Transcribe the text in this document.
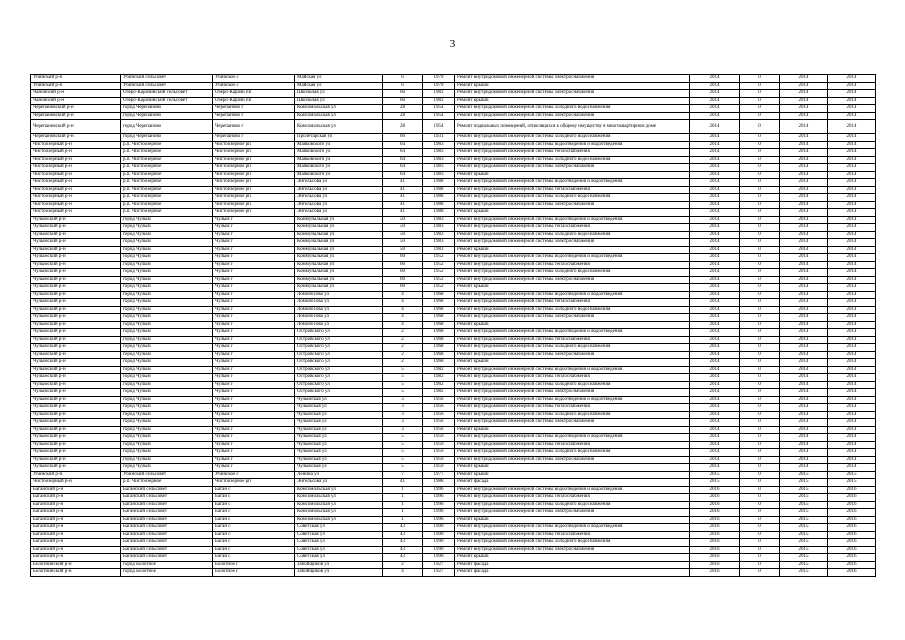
3
Убинский р-н	Убинский сельсовет	Убинское с	Майская ул	6	1979	Ремонт внутридомовой инженерной системы электроснабжения	2014	0	2014	2014
Убинский р-н	Убинский сельсовет	Убинское с	Майская ул	6	1979	Ремонт крыши	2014	0	2014	2014
Чановский р-н	Озеро-Карачинский сельсовет	Озеро-Карачи пп	Школьная ул	60	1982	Ремонт внутридомовой инженерной системы электроснабжения	2014	0	2014	2014
Чановский р-н	Озеро-Карачинский сельсовет	Озеро-Карачи пп	Школьная ул	60	1982	Ремонт крыши	2014	0	2014	2014
Черепановский р-н	город Черепаново	Черепаново г	Комсомольская ул	28	1954	Ремонт внутридомовой инженерной системы холодного водоснабжения	2014	0	2014	2014
Черепановский р-н	город Черепаново	Черепаново г	Комсомольская ул	28	1954	Ремонт внутридомовой инженерной системы электроснабжения	2014	0	2014	2014
Черепановский р-н	город Черепаново	Черепаново г	Комсомольская ул	28	1954	Ремонт подвальных помещений, относящихся к общему имуществу в многоквартирном доме	2014	0	2014	2014
Черепановский р-н	город Черепаново	Черепаново г	Пролетарская ул	66	1931	Ремонт внутридомовой инженерной системы холодного водоснабжения	2014	0	2014	2014
Чистоозерный р-н	р.п. Чистоозерное	Чистоозерное рп	Маяковского ул	64	1983	Ремонт внутридомовой инженерной системы водоотведения и водоотведения	2014	0	2014	2014
Чистоозерный р-н	р.п. Чистоозерное	Чистоозерное рп	Маяковского ул	64	1983	Ремонт внутридомовой инженерной системы теплоснабжения	2014	0	2014	2014
Чистоозерный р-н	р.п. Чистоозерное	Чистоозерное рп	Маяковского ул	64	1983	Ремонт внутридомовой инженерной системы холодного водоснабжения	2014	0	2014	2014
Чистоозерный р-н	р.п. Чистоозерное	Чистоозерное рп	Маяковского ул	64	1983	Ремонт внутридомовой инженерной системы электроснабжения	2014	0	2014	2014
Чистоозерный р-н	р.п. Чистоозерное	Чистоозерное рп	Маяковского ул	64	1983	Ремонт крыши	2014	0	2014	2014
Чистоозерный р-н	р.п. Чистоозерное	Чистоозерное рп	Энгельсова ул	41	1988	Ремонт внутридомовой инженерной системы водоотведения и водоотведения	2014	0	2014	2014
Чистоозерный р-н	р.п. Чистоозерное	Чистоозерное рп	Энгельсова ул	41	1988	Ремонт внутридомовой инженерной системы теплоснабжения	2014	0	2014	2014
Чистоозерный р-н	р.п. Чистоозерное	Чистоозерное рп	Энгельсова ул	41	1988	Ремонт внутридомовой инженерной системы холодного водоснабжения	2014	0	2014	2014
Чистоозерный р-н	р.п. Чистоозерное	Чистоозерное рп	Энгельсова ул	41	1988	Ремонт внутридомовой инженерной системы электроснабжения	2014	0	2014	2014
Чистоозерный р-н	р.п. Чистоозерное	Чистоозерное рп	Энгельсова ул	41	1988	Ремонт крыши	2014	0	2014	2014
Чулымский р-н	город Чулым	Чулым г	Коммунальная ул	50	1983	Ремонт внутридомовой инженерной системы водоотведения и водоотведения	2014	0	2014	2014
Чулымский р-н	город Чулым	Чулым г	Коммунальная ул	50	1983	Ремонт внутридомовой инженерной системы теплоснабжения	2014	0	2014	2014
Чулымский р-н	город Чулым	Чулым г	Коммунальная ул	50	1983	Ремонт внутридомовой инженерной системы холодного водоснабжения	2014	0	2014	2014
Чулымский р-н	город Чулым	Чулым г	Коммунальная ул	50	1983	Ремонт внутридомовой инженерной системы электроснабжения	2014	0	2014	2014
Чулымский р-н	город Чулым	Чулым г	Коммунальная ул	50	1983	Ремонт крыши	2014	0	2014	2014
Чулымский р-н	город Чулым	Чулым г	Коммунальная ул	60	1952	Ремонт внутридомовой инженерной системы водоотведения и водоотведения	2014	0	2014	2014
Чулымский р-н	город Чулым	Чулым г	Коммунальная ул	60	1952	Ремонт внутридомовой инженерной системы теплоснабжения	2014	0	2014	2014
Чулымский р-н	город Чулым	Чулым г	Коммунальная ул	60	1952	Ремонт внутридомовой инженерной системы холодного водоснабжения	2014	0	2014	2014
Чулымский р-н	город Чулым	Чулым г	Коммунальная ул	60	1952	Ремонт внутридомовой инженерной системы электроснабжения	2014	0	2014	2014
Чулымский р-н	город Чулым	Чулым г	Коммунальная ул	60	1952	Ремонт крыши	2014	0	2014	2014
Чулымский р-н	город Чулым	Чулым г	Ломоносова ул	4	1968	Ремонт внутридомовой инженерной системы водоотведения и водоотведения	2014	0	2014	2014
Чулымский р-н	город Чулым	Чулым г	Ломоносова ул	4	1968	Ремонт внутридомовой инженерной системы теплоснабжения	2014	0	2014	2014
Чулымский р-н	город Чулым	Чулым г	Ломоносова ул	4	1968	Ремонт внутридомовой инженерной системы холодного водоснабжения	2014	0	2014	2014
Чулымский р-н	город Чулым	Чулым г	Ломоносова ул	4	1968	Ремонт внутридомовой инженерной системы электроснабжения	2014	0	2014	2014
Чулымский р-н	город Чулым	Чулым г	Ломоносова ул	4	1968	Ремонт крыши	2014	0	2014	2014
Чулымский р-н	город Чулым	Чулым г	Островского ул	2	1968	Ремонт внутридомовой инженерной системы водоотведения и водоотведения	2014	0	2014	2014
Чулымский р-н	город Чулым	Чулым г	Островского ул	2	1968	Ремонт внутридомовой инженерной системы теплоснабжения	2014	0	2014	2014
Чулымский р-н	город Чулым	Чулым г	Островского ул	2	1968	Ремонт внутридомовой инженерной системы холодного водоснабжения	2014	0	2014	2014
Чулымский р-н	город Чулым	Чулым г	Островского ул	2	1968	Ремонт внутридомовой инженерной системы электроснабжения	2014	0	2014	2014
Чулымский р-н	город Чулым	Чулым г	Островского ул	2	1968	Ремонт крыши	2014	0	2014	2014
Чулымский р-н	город Чулым	Чулым г	Островского ул	5	1982	Ремонт внутридомовой инженерной системы водоотведения и водоотведения	2014	0	2014	2014
Чулымский р-н	город Чулым	Чулым г	Островского ул	5	1982	Ремонт внутридомовой инженерной системы теплоснабжения	2014	0	2014	2014
Чулымский р-н	город Чулым	Чулым г	Островского ул	5	1982	Ремонт внутридомовой инженерной системы холодного водоснабжения	2014	0	2014	2014
Чулымский р-н	город Чулым	Чулым г	Островского ул	5	1982	Ремонт внутридомовой инженерной системы электроснабжения	2014	0	2014	2014
Чулымский р-н	город Чулым	Чулым г	Чулымская ул	3	1956	Ремонт внутридомовой инженерной системы водоотведения и водоотведения	2014	0	2014	2014
Чулымский р-н	город Чулым	Чулым г	Чулымская ул	3	1956	Ремонт внутридомовой инженерной системы теплоснабжения	2014	0	2014	2014
Чулымский р-н	город Чулым	Чулым г	Чулымская ул	3	1956	Ремонт внутридомовой инженерной системы холодного водоснабжения	2014	0	2014	2014
Чулымский р-н	город Чулым	Чулым г	Чулымская ул	3	1956	Ремонт внутридомовой инженерной системы электроснабжения	2014	0	2014	2014
Чулымский р-н	город Чулым	Чулым г	Чулымская ул	3	1956	Ремонт крыши	2014	0	2014	2014
Чулымский р-н	город Чулым	Чулым г	Чулымская ул	5	1959	Ремонт внутридомовой инженерной системы водоотведения и водоотведения	2014	0	2014	2014
Чулымский р-н	город Чулым	Чулым г	Чулымская ул	5	1959	Ремонт внутридомовой инженерной системы теплоснабжения	2014	0	2014	2014
Чулымский р-н	город Чулым	Чулым г	Чулымская ул	5	1959	Ремонт внутридомовой инженерной системы холодного водоснабжения	2014	0	2014	2014
Чулымский р-н	город Чулым	Чулым г	Чулымская ул	5	1959	Ремонт внутридомовой инженерной системы электроснабжения	2014	0	2014	2014
Чулымский р-н	город Чулым	Чулым г	Чулымская ул	5	1959	Ремонт крыши	2014	0	2014	2014
Убинский р-н	Убинский сельсовет	Убинское с	Ленина ул	7	1977	Ремонт крыши	2015	0	2015	2015
Чистоозерный р-н	р.п. Чистоозерное	Чистоозерное рп	Энгельсова ул	41	1988	Ремонт фасада	2015	0	2015	2015
Баганский р-н	Баганский сельсовет	Баган с	Комсомольская ул	1	1996	Ремонт внутридомовой инженерной системы водоотведения и водоотведения	2016	0	2015	2016
Баганский р-н	Баганский сельсовет	Баган с	Комсомольская ул	1	1996	Ремонт внутридомовой инженерной системы теплоснабжения	2016	0	2015	2016
Баганский р-н	Баганский сельсовет	Баган с	Комсомольская ул	1	1996	Ремонт внутридомовой инженерной системы холодного водоснабжения	2016	0	2015	2016
Баганский р-н	Баганский сельсовет	Баган с	Комсомольская ул	1	1996	Ремонт внутридомовой инженерной системы электроснабжения	2016	0	2015	2016
Баганский р-н	Баганский сельсовет	Баган с	Комсомольская ул	1	1996	Ремонт крыши	2016	0	2015	2016
Баганский р-н	Баганский сельсовет	Баган с	Советская ул	43	1990	Ремонт внутридомовой инженерной системы водоотведения и водоотведения	2016	0	2015	2016
Баганский р-н	Баганский сельсовет	Баган с	Советская ул	43	1990	Ремонт внутридомовой инженерной системы теплоснабжения	2016	0	2015	2016
Баганский р-н	Баганский сельсовет	Баган с	Советская ул	43	1990	Ремонт внутридомовой инженерной системы холодного водоснабжения	2016	0	2015	2016
Баганский р-н	Баганский сельсовет	Баган с	Советская ул	43	1990	Ремонт внутридомовой инженерной системы электроснабжения	2016	0	2015	2016
Баганский р-н	Баганский сельсовет	Баган с	Советская ул	43	1990	Ремонт крыши	2016	0	2015	2016
Болотнинский р-н	город Болотное	Болотное г	Забойщиков ул	2	1927	Ремонт фасада	2016	0	2015	2016
Болотнинский р-н	город Болотное	Болотное г	Забойщиков ул	4	1927	Ремонт фасада	2016	0	2015	2016
